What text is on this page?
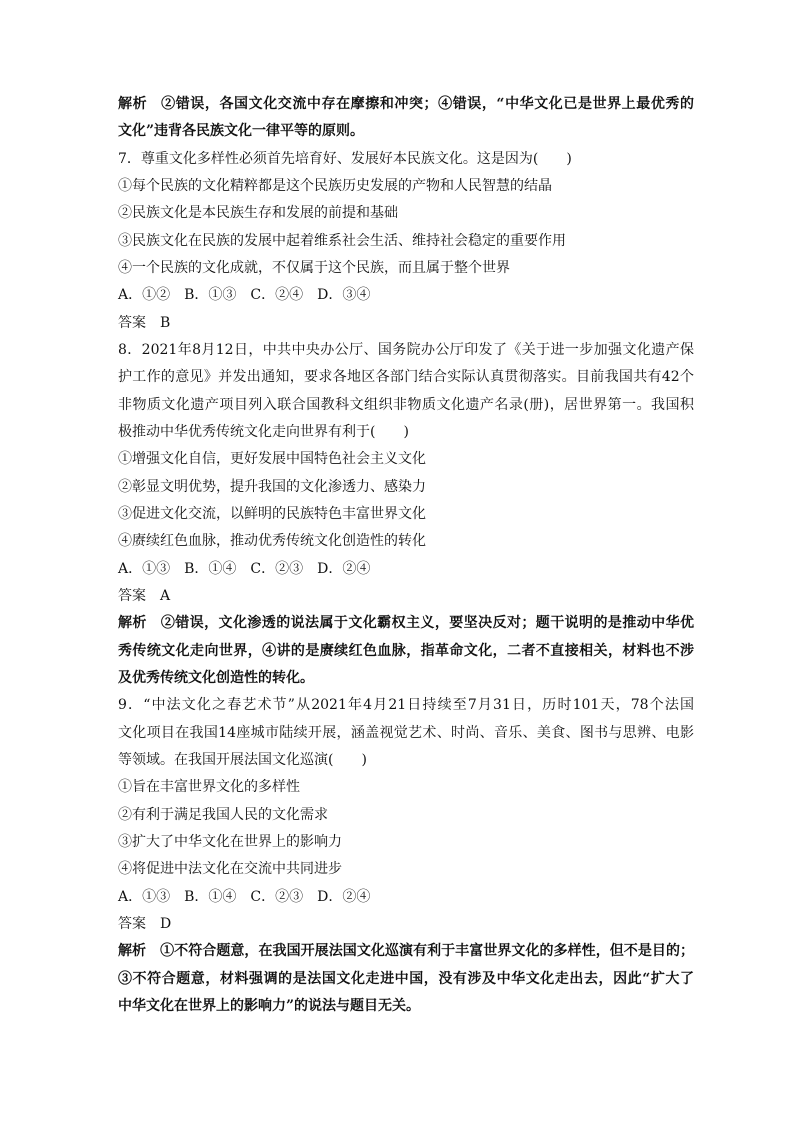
解析 ②错误，各国文化交流中存在摩擦和冲突；④错误，“中华文化已是世界上最优秀的
文化”违背各民族文化一律平等的原则。
7．尊重文化多样性必须首先培育好、发展好本民族文化。这是因为(　　)
①每个民族的文化精粹都是这个民族历史发展的产物和人民智慧的结晶
②民族文化是本民族生存和发展的前提和基础
③民族文化在民族的发展中起着维系社会生活、维持社会稳定的重要作用
④一个民族的文化成就，不仅属于这个民族，而且属于整个世界
A．①②　B．①③　C．②④　D．③④
答案 B
8．2021年8月12日，中共中央办公厅、国务院办公厅印发了《关于进一步加强文化遗产保
护工作的意见》并发出通知，要求各地区各部门结合实际认真贯彻落实。目前我国共有42个
非物质文化遗产项目列入联合国教科文组织非物质文化遗产名录(册)，居世界第一。我国积
极推动中华优秀传统文化走向世界有利于(　　)
①增强文化自信，更好发展中国特色社会主义文化
②彰显文明优势，提升我国的文化渗透力、感染力
③促进文化交流，以鲜明的民族特色丰富世界文化
④赓续红色血脉，推动优秀传统文化创造性的转化
A．①③　B．①④　C．②③　D．②④
答案 A
解析 ②错误，文化渗透的说法属于文化霸权主义，要坚决反对；题干说明的是推动中华优
秀传统文化走向世界，④讲的是赓续红色血脉，指革命文化，二者不直接相关，材料也不涉
及优秀传统文化创造性的转化。
9．“中法文化之春艺术节”从2021年4月21日持续至7月31日，历时101天，78个法国
文化项目在我国14座城市陆续开展，涵盖视觉艺术、时尚、音乐、美食、图书与思辨、电影
等领域。在我国开展法国文化巡演(　　)
①旨在丰富世界文化的多样性
②有利于满足我国人民的文化需求
③扩大了中华文化在世界上的影响力
④将促进中法文化在交流中共同进步
A．①③　B．①④　C．②③　D．②④
答案 D
解析 ①不符合题意，在我国开展法国文化巡演有利于丰富世界文化的多样性，但不是目的；
③不符合题意，材料强调的是法国文化走进中国，没有涉及中华文化走出去，因此“扩大了
中华文化在世界上的影响力”的说法与题目无关。
